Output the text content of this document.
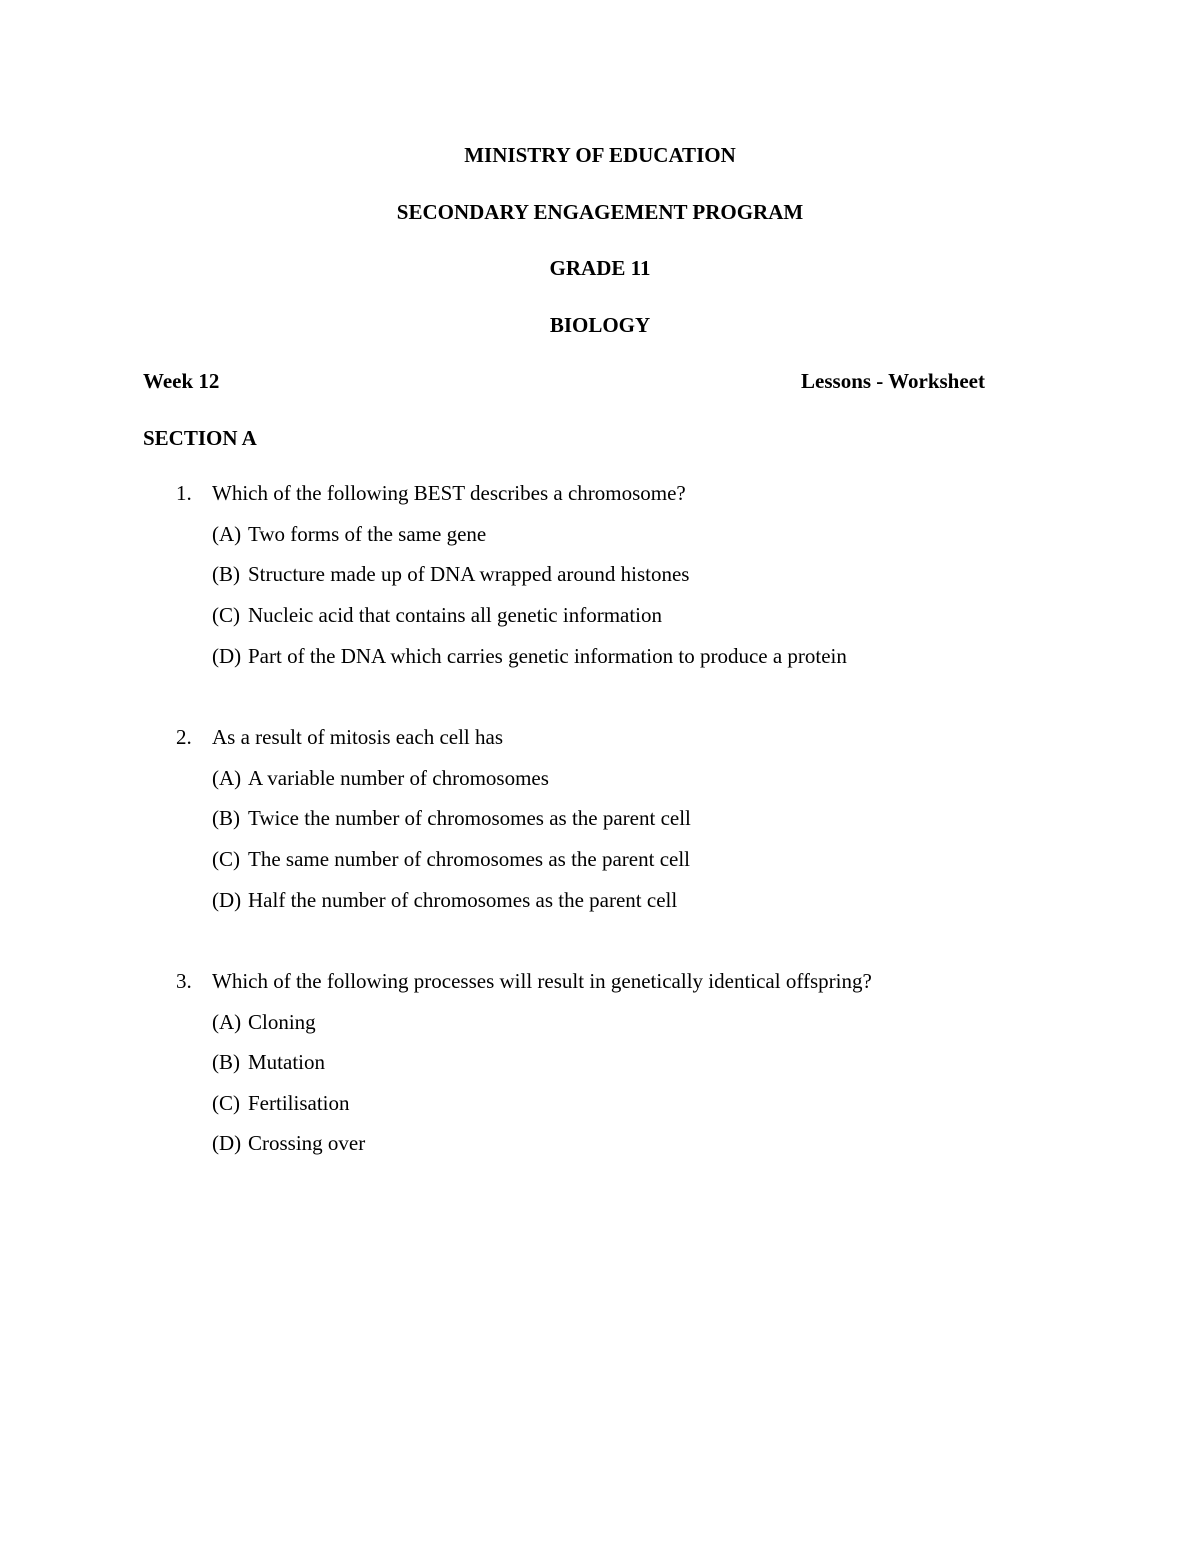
MINISTRY OF EDUCATION
SECONDARY ENGAGEMENT PROGRAM
GRADE 11
BIOLOGY
Week 12	Lessons - Worksheet
SECTION A
1. Which of the following BEST describes a chromosome?
(A) Two forms of the same gene
(B) Structure made up of DNA wrapped around histones
(C) Nucleic acid that contains all genetic information
(D) Part of the DNA which carries genetic information to produce a protein
2. As a result of mitosis each cell has
(A) A variable number of chromosomes
(B) Twice the number of chromosomes as the parent cell
(C) The same number of chromosomes as the parent cell
(D) Half the number of chromosomes as the parent cell
3. Which of the following processes will result in genetically identical offspring?
(A) Cloning
(B) Mutation
(C) Fertilisation
(D) Crossing over
